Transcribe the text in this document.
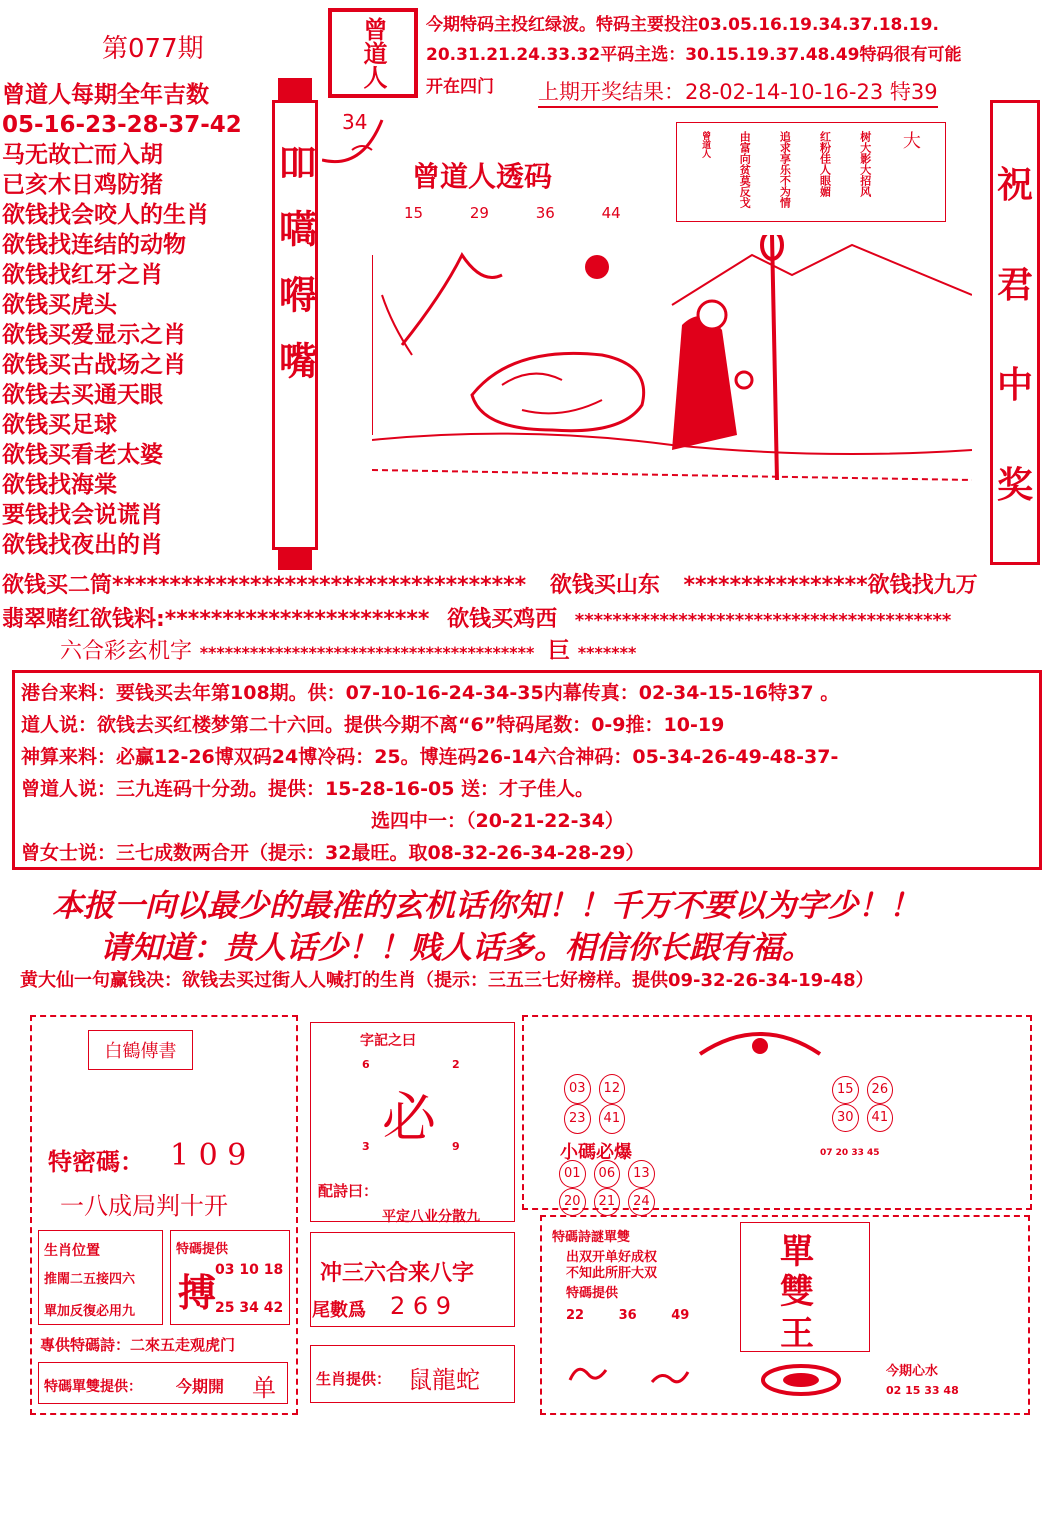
第077期	曾道人 今期特码主投红绿波。特码主要投注03.05.16.19.34.37.18.19.
20.31.21.24.33.32平码主选：30.15.19.37.48.49特码很有可能
开在四门 上期开奖结果：28-02-14-10-16-23 特39
曾道人每期全年吉数
05-16-23-28-37-42
马无故亡而入胡
已亥木日鸡防猪
欲钱找会咬人的生肖
欲钱找连结的动物
欲钱找红牙之肖
欲钱买虎头
欲钱买爱显示之肖
欲钱买古战场之肖
欲钱去买通天眼
欲钱买足球
欲钱买看老太婆
欲钱找海棠
要钱找会说谎肖
欲钱找夜出的肖
吅嚆嘚嘴
34
曾道人透码
15	29	36	44
大
树大影大招风
红粉佳人眼媚
追求享乐不为情
由富向贫莫反戈
曾道人
祝
君
中
奖
欲钱买二筒************************************ 欲钱买山东 ****************欲钱找九万
翡翠赌红欲钱料:*********************** 欲钱买鸡西 ****************************************
六合彩玄机字 **************************************** 巨 *******
港台来料：要钱买去年第108期。供：07-10-16-24-34-35内幕传真：02-34-15-16特37 。
道人说：欲钱去买红楼梦第二十六回。提供今期不离“6”特码尾数：0-9推：10-19
神算来料：必赢12-26博双码24博冷码：25。博连码26-14六合神码：05-34-26-49-48-37-
曾道人说：三九连码十分劲。提供：15-28-16-05 送：才子佳人。
选四中一：（20-21-22-34）
曾女士说：三七成数两合开（提示：32最旺。取08-32-26-34-28-29）
本报一向以最少的最准的玄机话你知！！千万不要以为字少！！
请知道：贵人话少！！贱人话多。相信你长跟有福。
黄大仙一句赢钱决：欲钱去买过街人人喊打的生肖（提示：三五三七好榜样。提供09-32-26-34-19-48）
白鶴傳書
特密碼： 1 0 9
一八成局判十开
生肖位置
推閙二五接四六
單加反復必用九
特碼提供
搏
03 10 18
25 34 42
專供特碼詩：二來五走观虎门
特碼單雙提供： 今期開 单
字記之曰
6	2
必
3	9
配詩曰：
平定八业分散九
冲三六合来八字
尾數爲 2 6 9
生肖提供： 鼠龍蛇
03 12
23 41
小碼必爆
01 06 13
20 21 24
15 26
30 41
07 20 33 45
特碼詩謎單雙
出双开单好成权
不知此所肝大双
特碼提供
22	36	49
單
雙
王
今期心水
02 15 33 48
